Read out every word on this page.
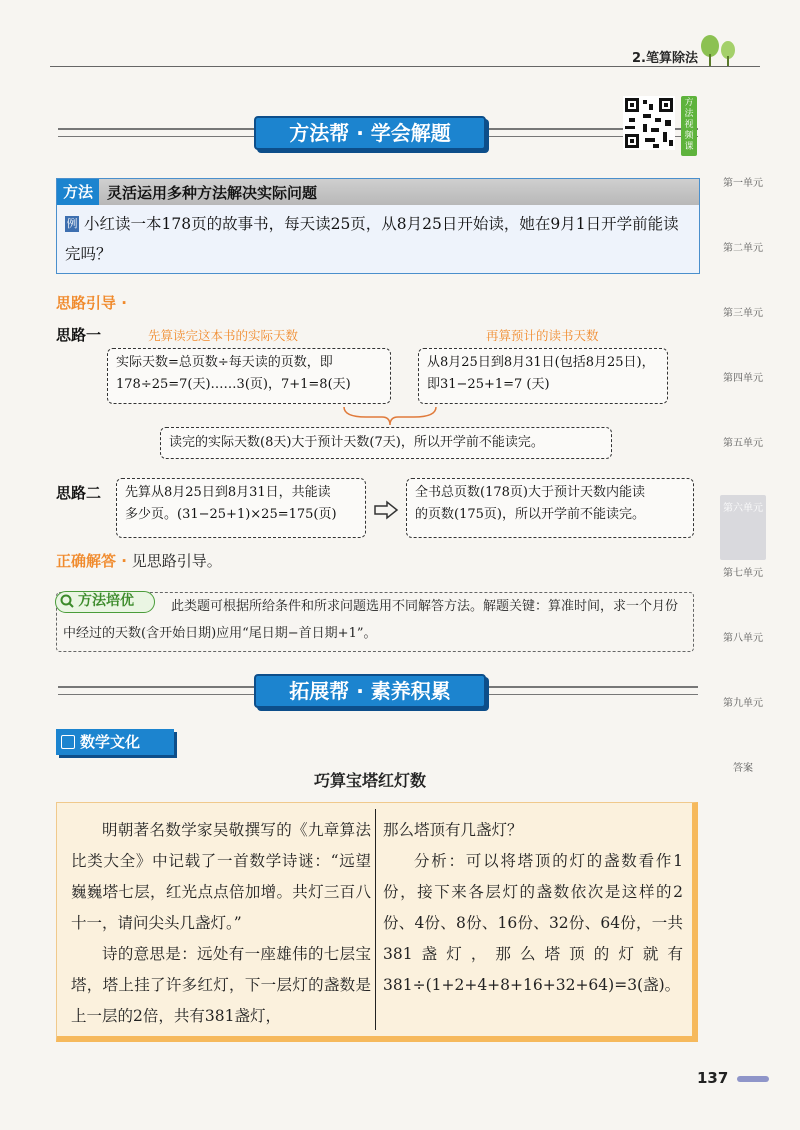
2.笔算除法
方法帮 · 学会解题
方法视频课
方法 灵活运用多种方法解决实际问题
例 小红读一本178页的故事书，每天读25页，从8月25日开始读，她在9月1日开学前能读完吗？
思路引导 ·
思路一	先算读完这本书的实际天数	再算预计的读书天数
实际天数=总页数÷每天读的页数，即
178÷25=7(天)……3(页)，7+1=8(天)
从8月25日到8月31日(包括8月25日)，
即31−25+1=7 (天)
读完的实际天数(8天)大于预计天数(7天)，所以开学前不能读完。
思路二 先算从8月25日到8月31日，共能读
多少页。(31−25+1)×25=175(页)
全书总页数(178页)大于预计天数内能读
的页数(175页)，所以开学前不能读完。
正确解答 · 见思路引导。
方法培优	此类题可根据所给条件和所求问题选用不同解答方法。解题关键：算准时间，求一个月份中经过的天数(含开始日期)应用“尾日期−首日期+1”。
拓展帮 · 素养积累
数学文化
巧算宝塔红灯数

明朝著名数学家吴敬撰写的《九章算法比类大全》中记载了一首数学诗谜：“远望巍巍塔七层，红光点点倍加增。共灯三百八十一，请问尖头几盏灯。”

诗的意思是：远处有一座雄伟的七层宝塔，塔上挂了许多红灯，下一层灯的盏数是上一层的2倍，共有381盏灯，

那么塔顶有几盏灯？

分析：可以将塔顶的灯的盏数看作1份，接下来各层灯的盏数依次是这样的2份、4份、8份、16份、32份、64份，一共381盏灯，那么塔顶的灯就有381÷(1+2+4+8+16+32+64)=3(盏)。

第一单元
第二单元
第三单元
第四单元
第五单元
第六单元
第七单元
第八单元
第九单元
答案
137
